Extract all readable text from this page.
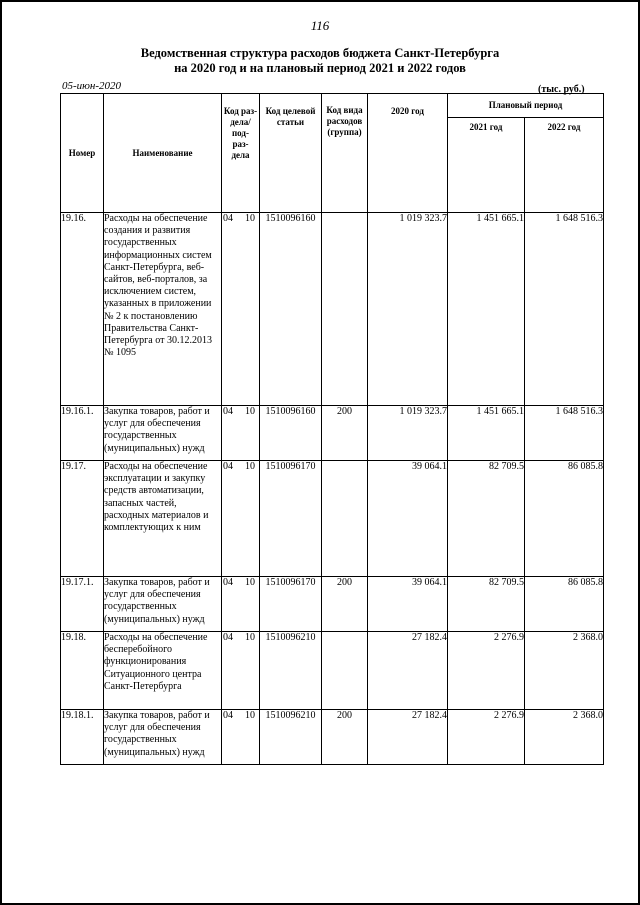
116
Ведомственная структура расходов бюджета Санкт-Петербурга
на 2020 год и на плановый период 2021 и 2022 годов
05-июн-2020	(тыс. руб.)
Номер	Наименование	Код раз- дела/ под- раз- дела	Код целевой статьи	Код вида расходов (группа)	2020 год	Плановый период	

						2021 год	2022 год

19.16.	Расходы на обеспечение создания и развития государственных информационных систем Санкт-Петербурга, веб-сайтов, веб-порталов, за исключением систем, указанных в приложении № 2 к постановлению Правительства Санкт-Петербурга от 30.12.2013 № 1095	04 10	1510096160		1 019 323.7	1 451 665.1	1 648 516.3
19.16.1.	Закупка товаров, работ и услуг для обеспечения государственных (муниципальных) нужд	04 10	1510096160	200	1 019 323.7	1 451 665.1	1 648 516.3
19.17.	Расходы на обеспечение эксплуатации и закупку средств автоматизации, запасных частей, расходных материалов и комплектующих к ним	04 10	1510096170		39 064.1	82 709.5	86 085.8
19.17.1.	Закупка товаров, работ и услуг для обеспечения государственных (муниципальных) нужд	04 10	1510096170	200	39 064.1	82 709.5	86 085.8
19.18.	Расходы на обеспечение бесперебойного функционирования Ситуационного центра Санкт-Петербурга	04 10	1510096210		27 182.4	2 276.9	2 368.0
19.18.1.	Закупка товаров, работ и услуг для обеспечения государственных (муниципальных) нужд	04 10	1510096210	200	27 182.4	2 276.9	2 368.0
